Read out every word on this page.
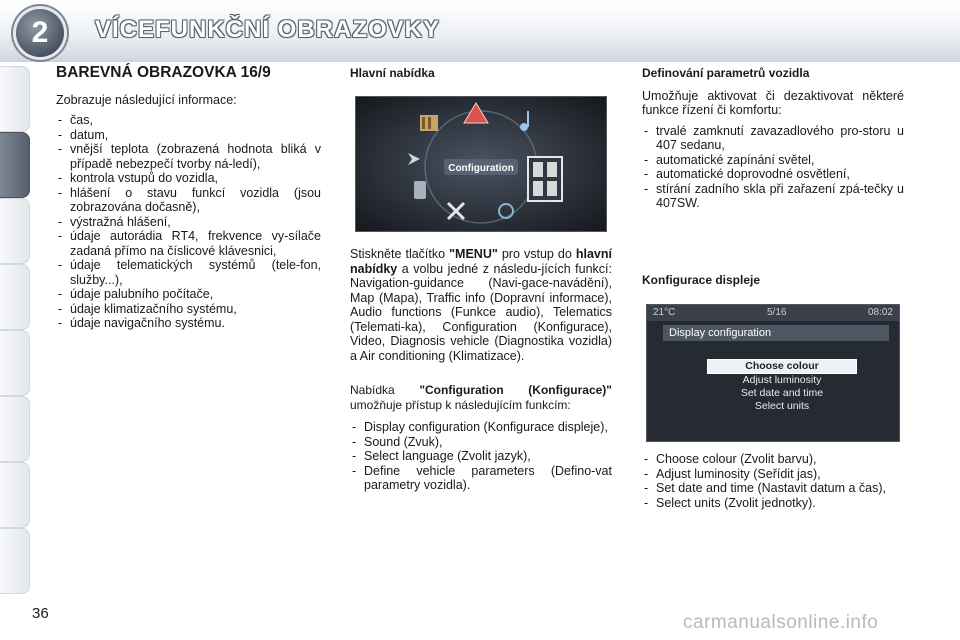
2 VÍCEFUNKČNÍ OBRAZOVKY
BAREVNÁ OBRAZOVKA 16/9

Zobrazuje následující informace:

- čas,
- datum,
- vnější teplota (zobrazená hodnota bliká v případě nebezpečí tvorby ná-ledí),
- kontrola vstupů do vozidla,
- hlášení o stavu funkcí vozidla (jsou zobrazována dočasně),
- výstražná hlášení,
- údaje autorádia RT4, frekvence vy-sílače zadaná přímo na číslicové klávesnici,
- údaje telematických systémů (tele-fon, služby...),
- údaje palubního počítače,
- údaje klimatizačního systému,
- údaje navigačního systému.
Hlavní nabídka
Configuration

Stiskněte tlačítko "MENU" pro vstup do hlavní nabídky a volbu jedné z následu-jících funkcí: Navigation-guidance (Navi-gace-navádění), Map (Mapa), Traffic info (Dopravní informace), Audio functions (Funkce audio), Telematics (Telemati-ka), Configuration (Konfigurace), Video, Diagnosis vehicle (Diagnostika vozidla) a Air conditioning (Klimatizace).

Nabídka "Configuration (Konfigurace)" umožňuje přístup k následujícím funkcím:

- Display configuration (Konfigurace displeje),
- Sound (Zvuk),
- Select language (Zvolit jazyk),
- Define vehicle parameters (Defino-vat parametry vozidla).
Definování parametrů vozidla

Umožňuje aktivovat či dezaktivovat některé funkce řízení či komfortu:

- trvalé zamknutí zavazadlového pro-storu u 407 sedanu,
- automatické zapínání světel,
- automatické doprovodné osvětlení,
- stírání zadního skla při zařazení zpá-tečky u 407SW.
Konfigurace displeje
21°C	5/16	08:02
Display configuration
Choose colour
Adjust luminosity
Set date and time
Select units
- Choose colour (Zvolit barvu),
- Adjust luminosity (Seřídit jas),
- Set date and time (Nastavit datum a čas),
- Select units (Zvolit jednotky).
36	carmanualsonline.info
